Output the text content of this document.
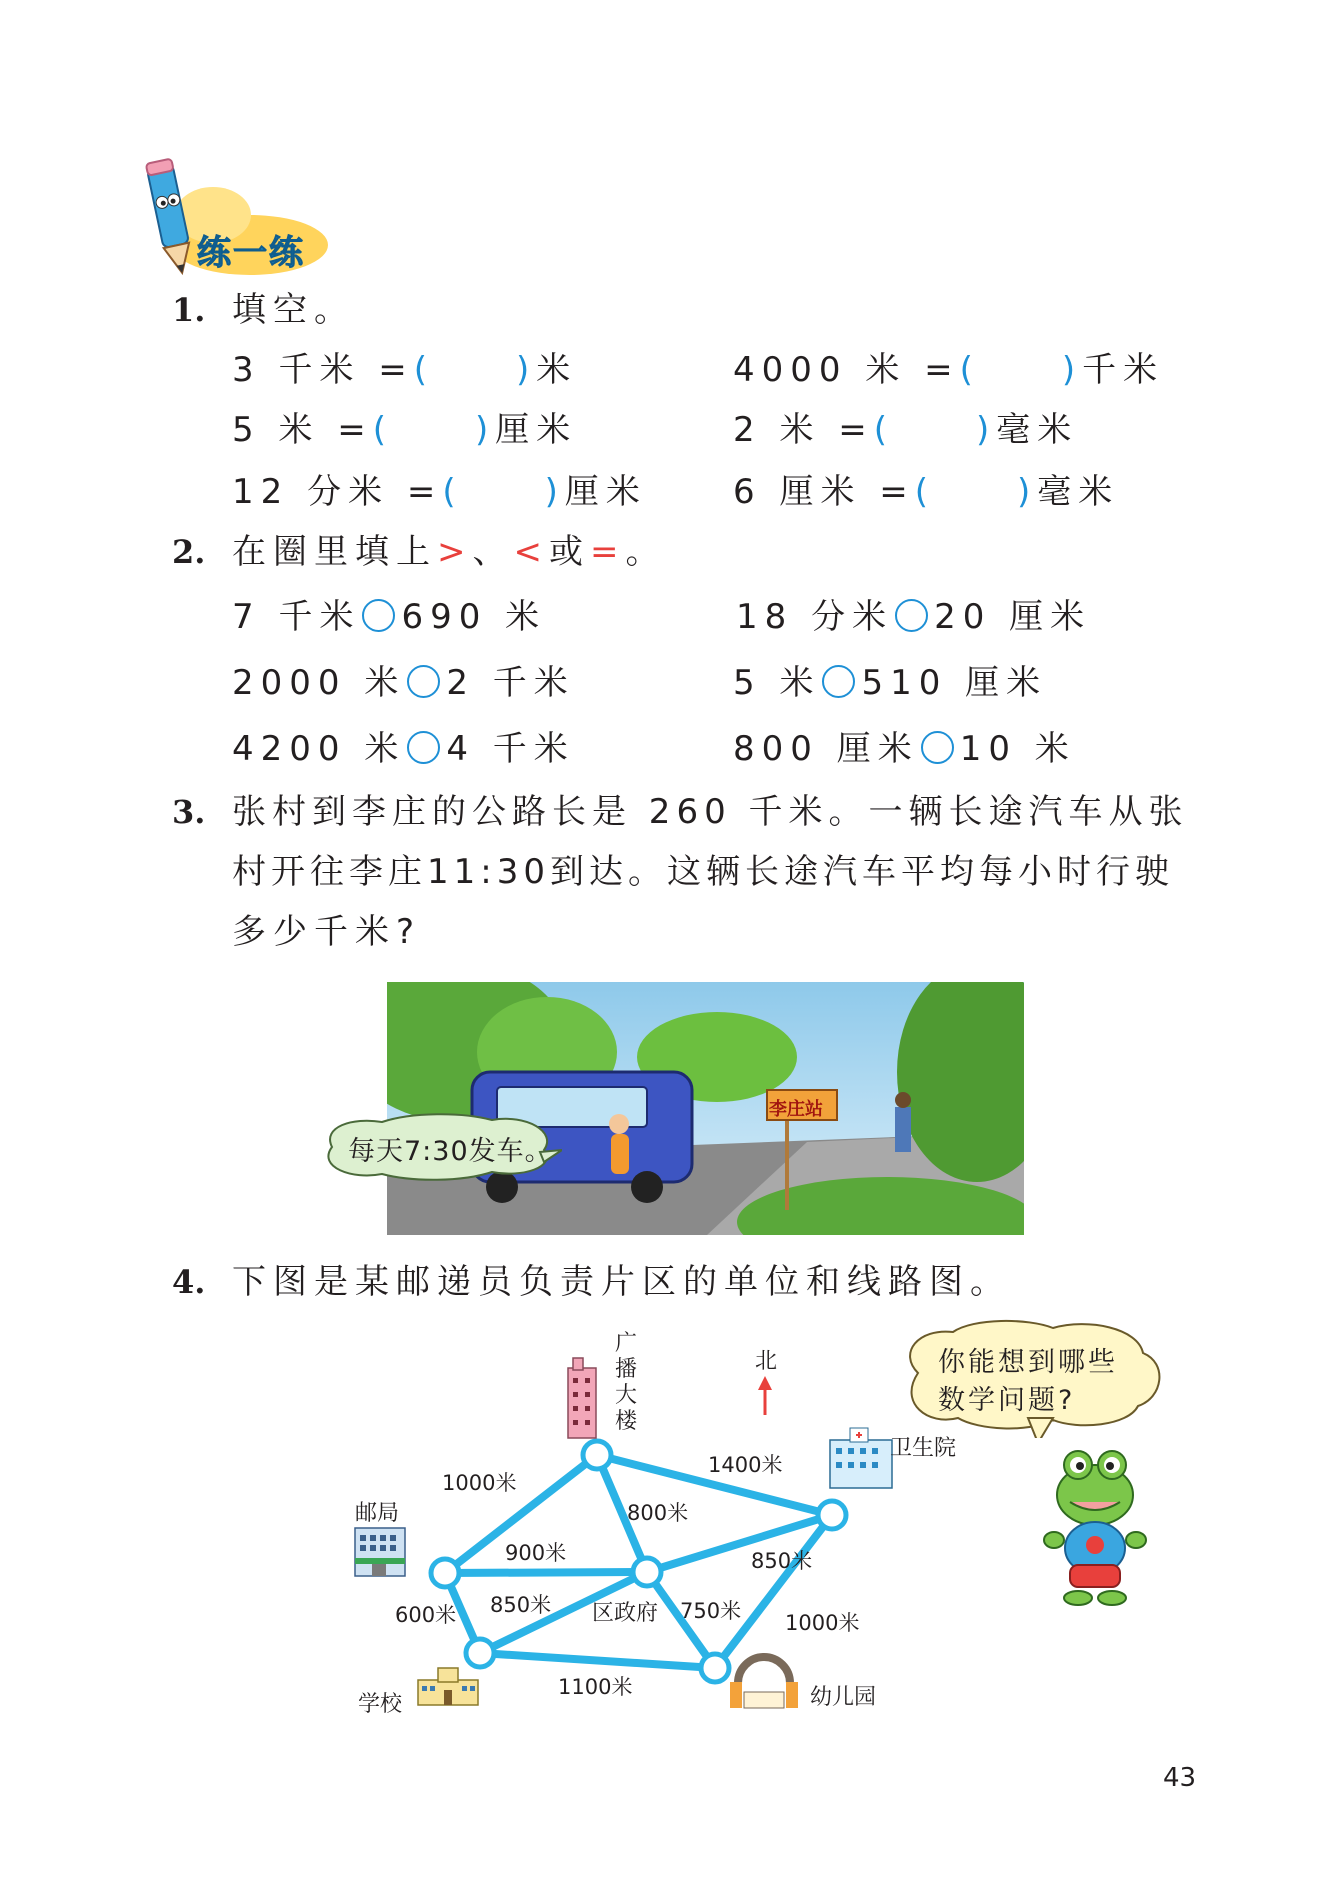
练一练
1. 填空。
3 千米 =( )米	4000 米 =( )千米
5 米 =( )厘米	2 米 =( )毫米
12 分米 =( )厘米	6 厘米 =( )毫米
2. 在圈里填上>、<或=。
7 千米 690 米	18 分米 20 厘米
2000 米 2 千米	5 米 510 厘米
4200 米 4 千米	800 厘米 10 米
3. 张村到李庄的公路长是 260 千米。一辆长途汽车从张
村开往李庄11:30到达。这辆长途汽车平均每小时行驶
多少千米?
李庄站
每天7:30发车。
4. 下图是某邮递员负责片区的单位和线路图。
北
广
播
大
楼
卫生院
邮局
区政府
学校	幼儿园
1000米
1400米
800米
900米	850米
600米 850米	750米 1000米
1100米
你能想到哪些
数学问题?
43
